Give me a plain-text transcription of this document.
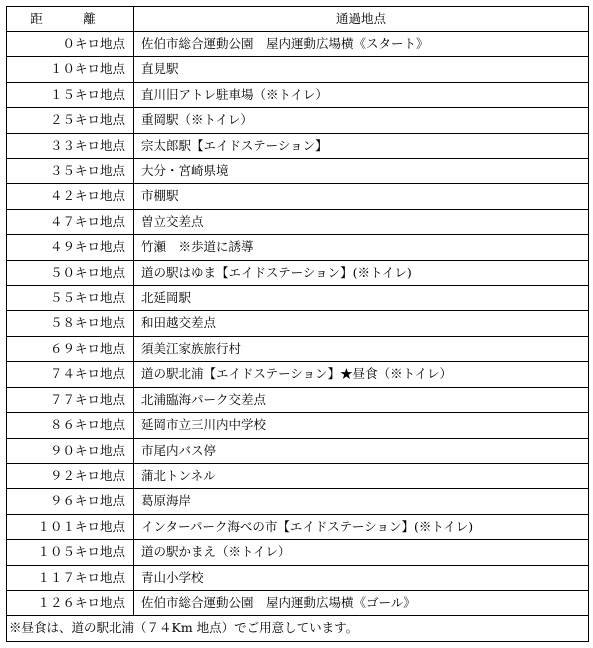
距　離	通過地点
０キロ地点	佐伯市総合運動公園　屋内運動広場横《スタート》
１０キロ地点	直見駅
１５キロ地点	直川旧アトレ駐車場（※トイレ）
２５キロ地点	重岡駅（※トイレ）
３３キロ地点	宗太郎駅【エイドステーション】
３５キロ地点	大分・宮崎県境
４２キロ地点	市棚駅
４７キロ地点	曽立交差点
４９キロ地点	竹瀬　※歩道に誘導
５０キロ地点	道の駅はゆま【エイドステーション】(※トイレ)
５５キロ地点	北延岡駅
５８キロ地点	和田越交差点
６９キロ地点	須美江家族旅行村
７４キロ地点	道の駅北浦【エイドステーション】★昼食（※トイレ）
７７キロ地点	北浦臨海パーク交差点
８６キロ地点	延岡市立三川内中学校
９０キロ地点	市尾内バス停
９２キロ地点	蒲北トンネル
９６キロ地点	葛原海岸
１０１キロ地点	インターパーク海べの市【エイドステーション】(※トイレ)
１０５キロ地点	道の駅かまえ（※トイレ）
１１７キロ地点	青山小学校
１２６キロ地点	佐伯市総合運動公園　屋内運動広場横《ゴール》
※昼食は、道の駅北浦（７４Km 地点）でご用意しています。	
